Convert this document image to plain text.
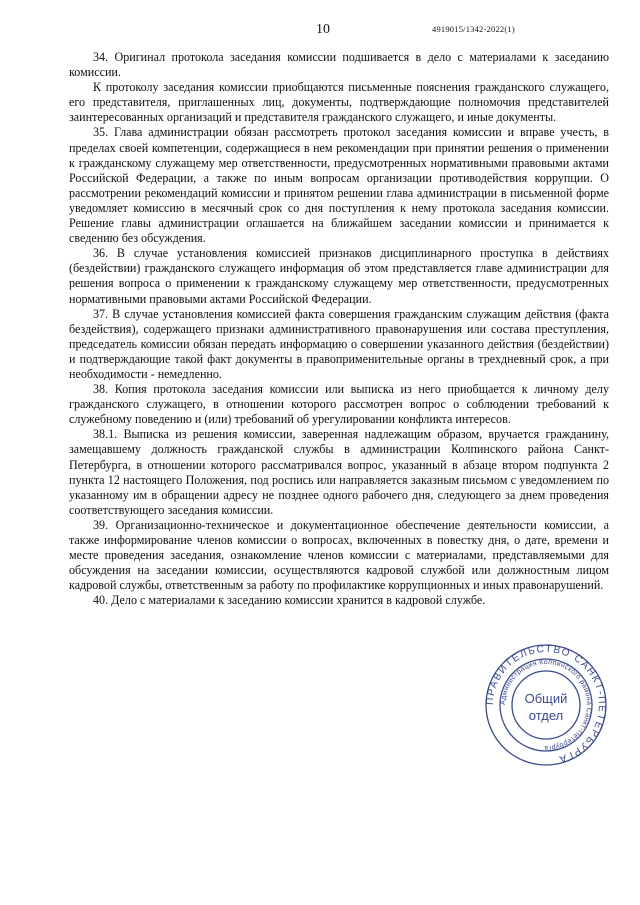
10	4919015/1342-2022(1)

34. Оригинал протокола заседания комиссии подшивается в дело с материалами к заседанию комиссии.

К протоколу заседания комиссии приобщаются письменные пояснения гражданского служащего, его представителя, приглашенных лиц, документы, подтверждающие полномочия представителей заинтересованных организаций и представителя гражданского служащего, и иные документы.

35. Глава администрации обязан рассмотреть протокол заседания комиссии и вправе учесть, в пределах своей компетенции, содержащиеся в нем рекомендации при принятии решения о применении к гражданскому служащему мер ответственности, предусмотренных нормативными правовыми актами Российской Федерации, а также по иным вопросам организации противодействия коррупции. О рассмотрении рекомендаций комиссии и принятом решении глава администрации в письменной форме уведомляет комиссию в месячный срок со дня поступления к нему протокола заседания комиссии. Решение главы администрации оглашается на ближайшем заседании комиссии и принимается к сведению без обсуждения.

36. В случае установления комиссией признаков дисциплинарного проступка в действиях (бездействии) гражданского служащего информация об этом представляется главе администрации для решения вопроса о применении к гражданскому служащему мер ответственности, предусмотренных нормативными правовыми актами Российской Федерации.

37. В случае установления комиссией факта совершения гражданским служащим действия (факта бездействия), содержащего признаки административного правонарушения или состава преступления, председатель комиссии обязан передать информацию о совершении указанного действия (бездействии) и подтверждающие такой факт документы в правоприменительные органы в трехдневный срок, а при необходимости - немедленно.

38. Копия протокола заседания комиссии или выписка из него приобщается к личному делу гражданского служащего, в отношении которого рассмотрен вопрос о соблюдении требований к служебному поведению и (или) требований об урегулировании конфликта интересов.

38.1. Выписка из решения комиссии, заверенная надлежащим образом, вручается гражданину, замещавшему должность гражданской службы в администрации Колпинского района Санкт-Петербурга, в отношении которого рассматривался вопрос, указанный в абзаце втором подпункта 2 пункта 12 настоящего Положения, под роспись или направляется заказным письмом с уведомлением по указанному им в обращении адресу не позднее одного рабочего дня, следующего за днем проведения соответствующего заседания комиссии.

39. Организационно-техническое и документационное обеспечение деятельности комиссии, а также информирование членов комиссии о вопросах, включенных в повестку дня, о дате, времени и месте проведения заседания, ознакомление членов комиссии с материалами, представляемыми для обсуждения на заседании комиссии, осуществляются кадровой службой или должностным лицом кадровой службы, ответственным за работу по профилактике коррупционных и иных правонарушений.

40. Дело с материалами к заседанию комиссии хранится в кадровой службе.

ПРАВИТЕЛЬСТВО САНКТ-ПЕТЕРБУРГА
Администрация Колпинского района Санкт-Петербурга
Общий
отдел
